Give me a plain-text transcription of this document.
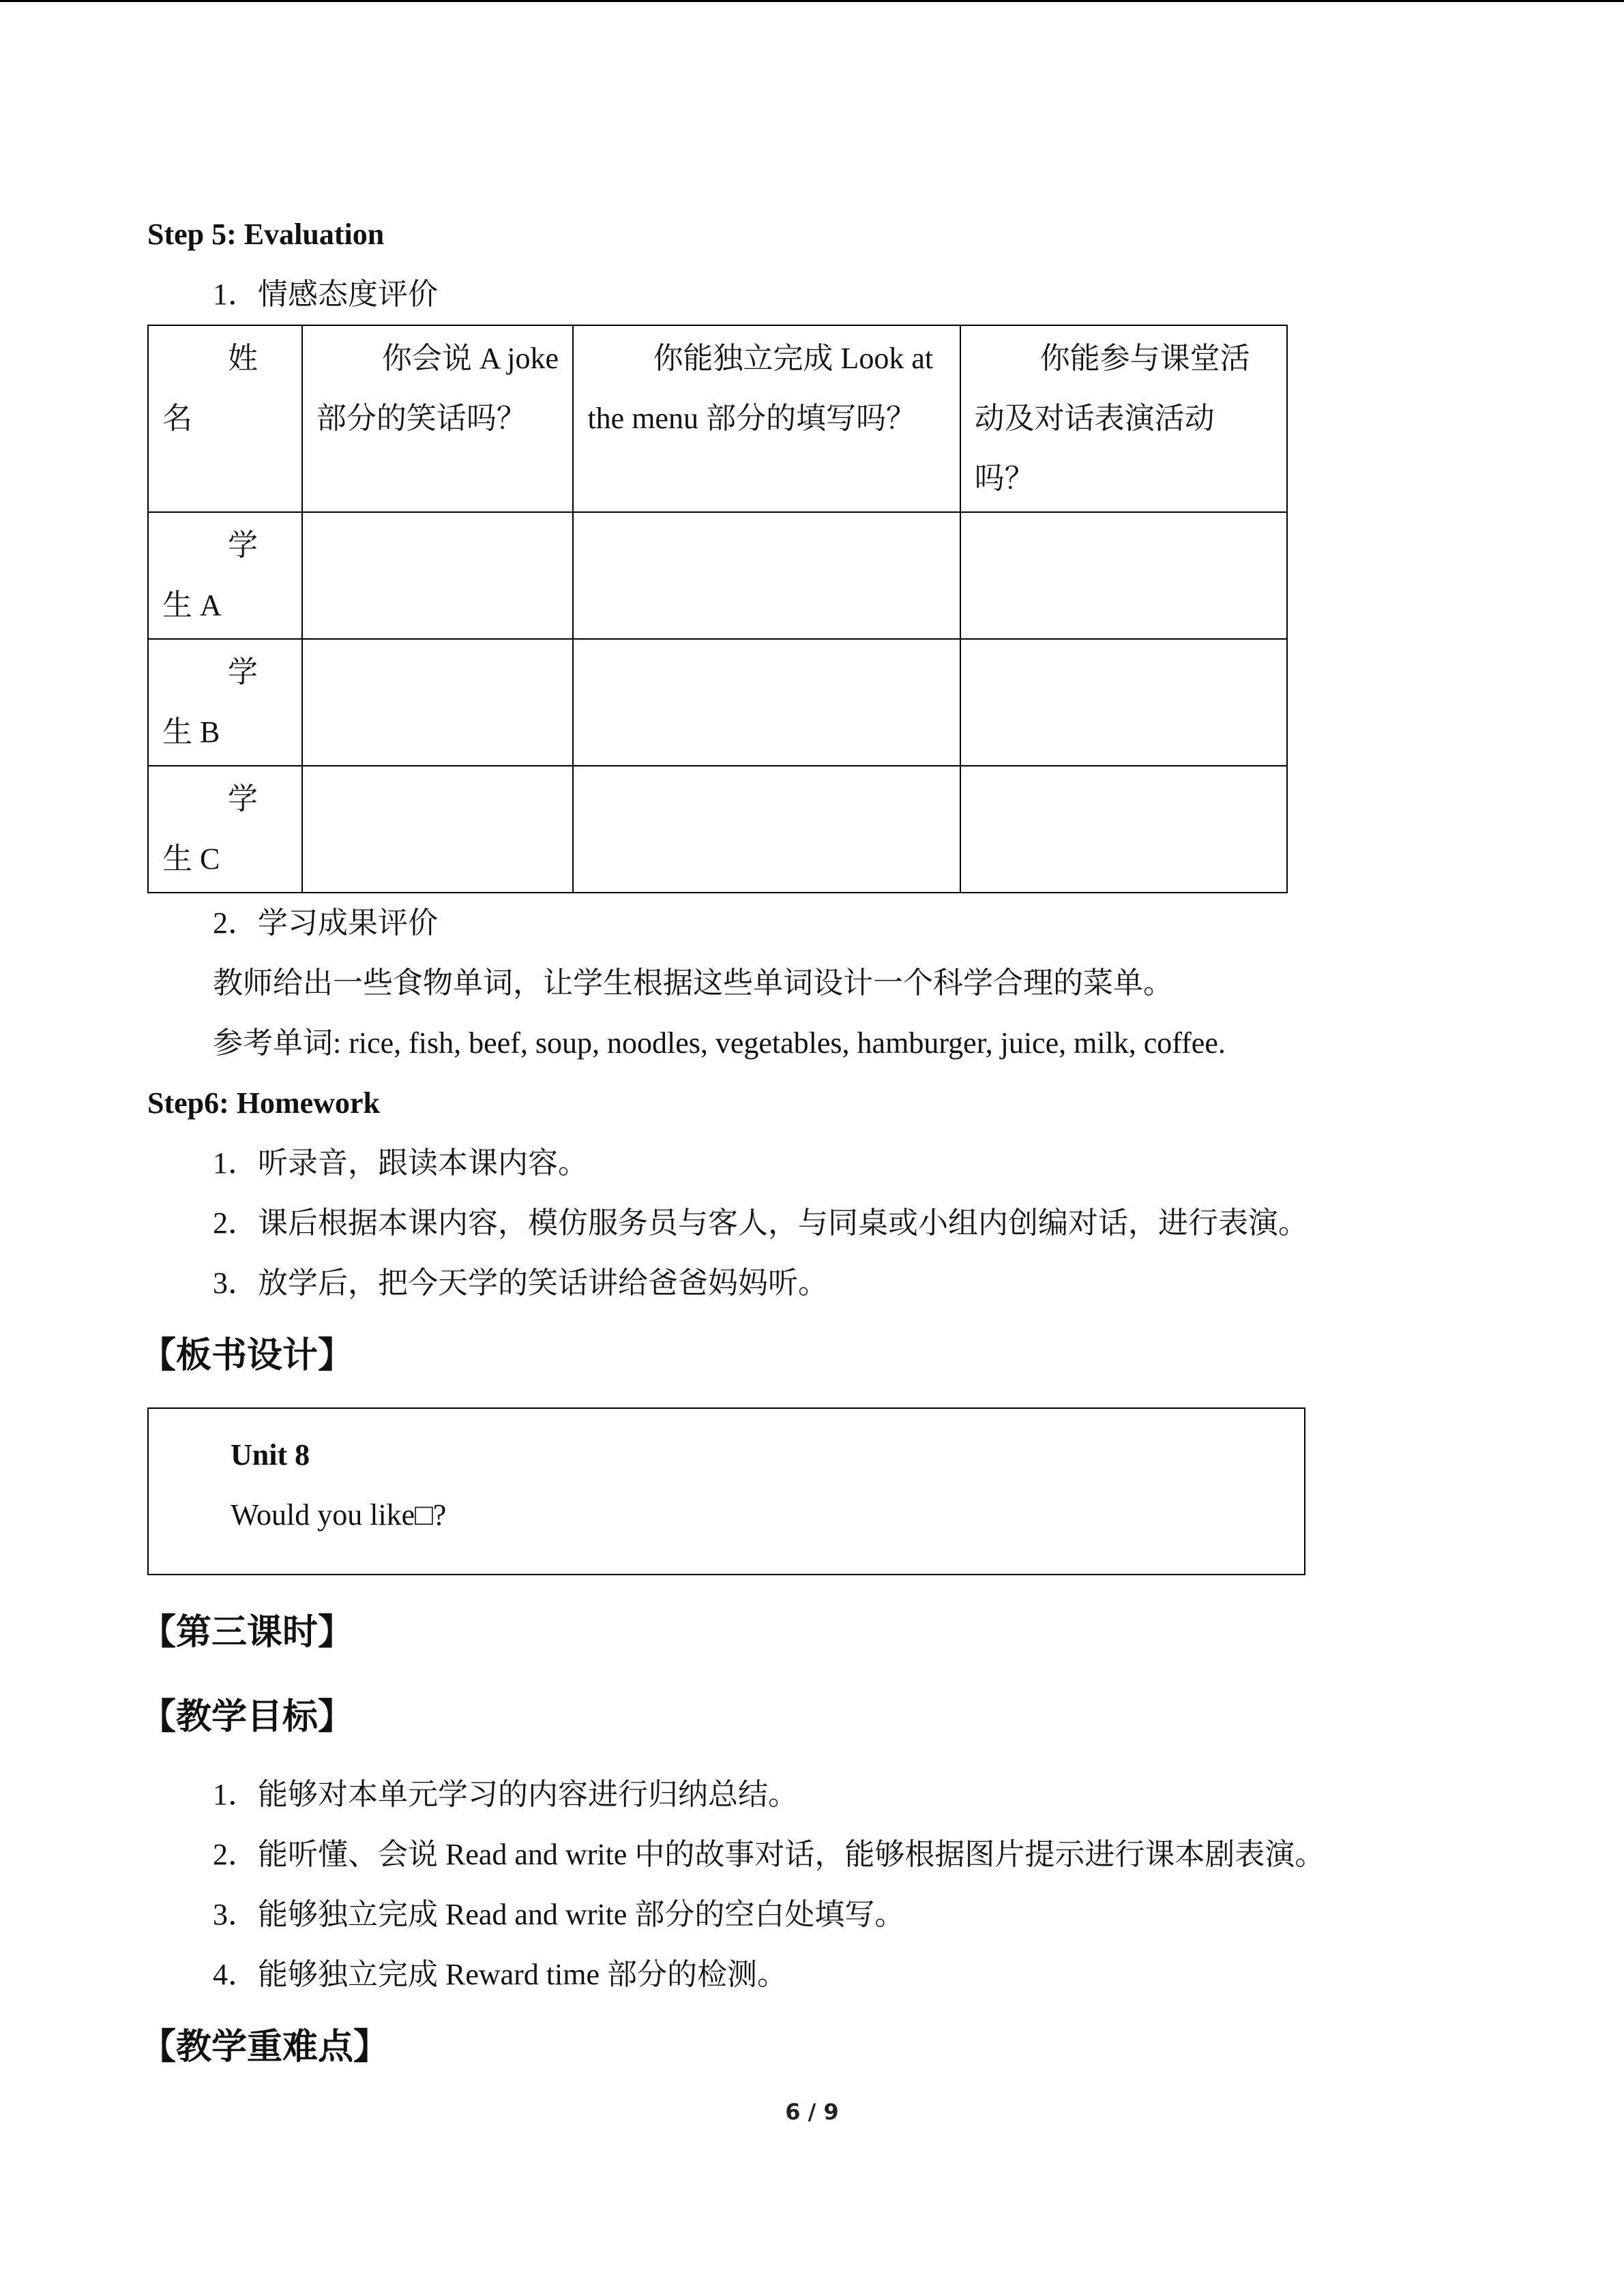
Step 5: Evaluation
1．情感态度评价
姓名	你会说 A joke 部分的笑话吗？	你能独立完成 Look at the menu 部分的填写吗？	你能参与课堂活动及对话表演活动吗？

学生 A			

学生 B			

学生 C			

2．学习成果评价
教师给出一些食物单词，让学生根据这些单词设计一个科学合理的菜单。
参考单词: rice, fish, beef, soup, noodles, vegetables, hamburger, juice, milk, coffee.
Step6: Homework
1．听录音，跟读本课内容。
2．课后根据本课内容，模仿服务员与客人，与同桌或小组内创编对话，进行表演。
3．放学后，把今天学的笑话讲给爸爸妈妈听。
【板书设计】
Unit 8
Would you like□?
【第三课时】
【教学目标】
1．能够对本单元学习的内容进行归纳总结。
2．能听懂、会说 Read and write 中的故事对话，能够根据图片提示进行课本剧表演。
3．能够独立完成 Read and write 部分的空白处填写。
4．能够独立完成 Reward time 部分的检测。
【教学重难点】
6 / 9
